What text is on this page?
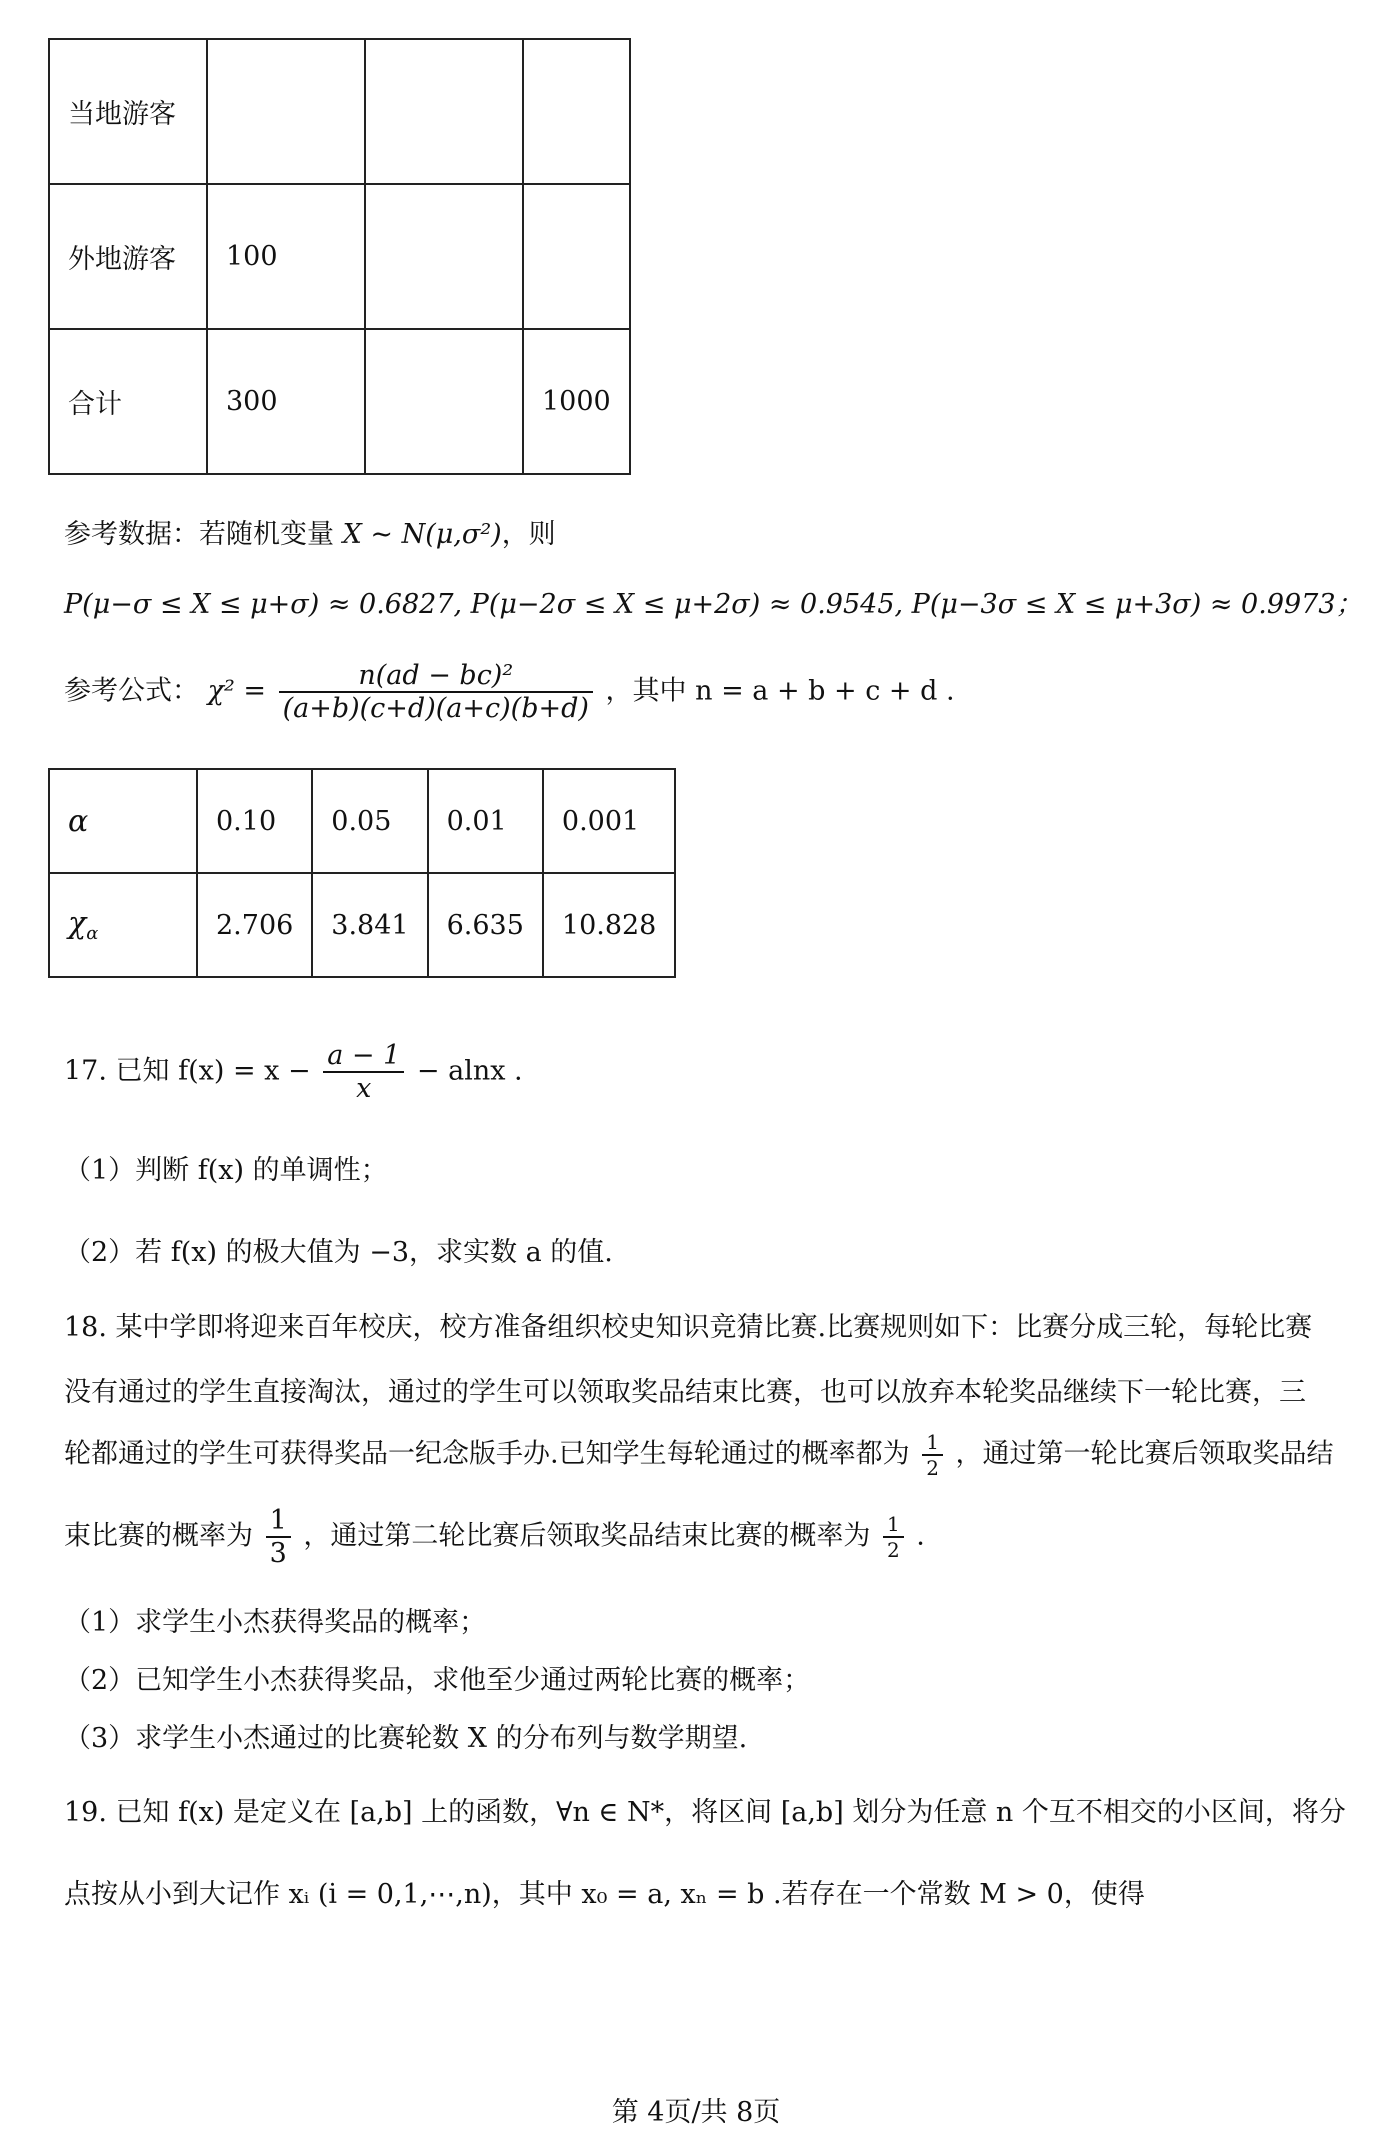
当地游客			
外地游客	100		
合计	300		1000
参考数据：若随机变量 X ~ N(μ,σ²)，则
P(μ−σ ≤ X ≤ μ+σ) ≈ 0.6827, P(μ−2σ ≤ X ≤ μ+2σ) ≈ 0.9545, P(μ−3σ ≤ X ≤ μ+3σ) ≈ 0.9973；
参考公式： $\chi^2 = \frac{\text{n(ad − bc)²}}{(a+b)(c+d)(a+c)(b+d)}$ ，其中 n = a + b + c + d .
α	0.10	0.05	0.01	0.001
$\chi_\alpha$	2.706	3.841	6.635	10.828
17. 已知 $f(x) = x - \frac{a - 1}{x} - alnx$ .
（1）判断 f(x) 的单调性；
（2）若 f(x) 的极大值为 −3，求实数 a 的值.
18. 某中学即将迎来百年校庆，校方准备组织校史知识竞猜比赛.比赛规则如下：比赛分成三轮，每轮比赛
没有通过的学生直接淘汰，通过的学生可以领取奖品结束比赛，也可以放弃本轮奖品继续下一轮比赛，三
轮都通过的学生可获得奖品一纪念版手办.已知学生每轮通过的概率都为 $\frac{1}{2}$ ，通过第一轮比赛后领取奖品结
束比赛的概率为 $\frac{1}{3}$ ，通过第二轮比赛后领取奖品结束比赛的概率为 $\frac{1}{2}$ .
（1）求学生小杰获得奖品的概率；
（2）已知学生小杰获得奖品，求他至少通过两轮比赛的概率；
（3）求学生小杰通过的比赛轮数 X 的分布列与数学期望.
19. 已知 f(x) 是定义在 [a,b] 上的函数，∀n ∈ N*，将区间 [a,b] 划分为任意 n 个互不相交的小区间，将分
点按从小到大记作 xᵢ (i = 0,1,⋯,n)，其中 x₀ = a, xₙ = b .若存在一个常数 M > 0，使得
第 4页/共 8页
